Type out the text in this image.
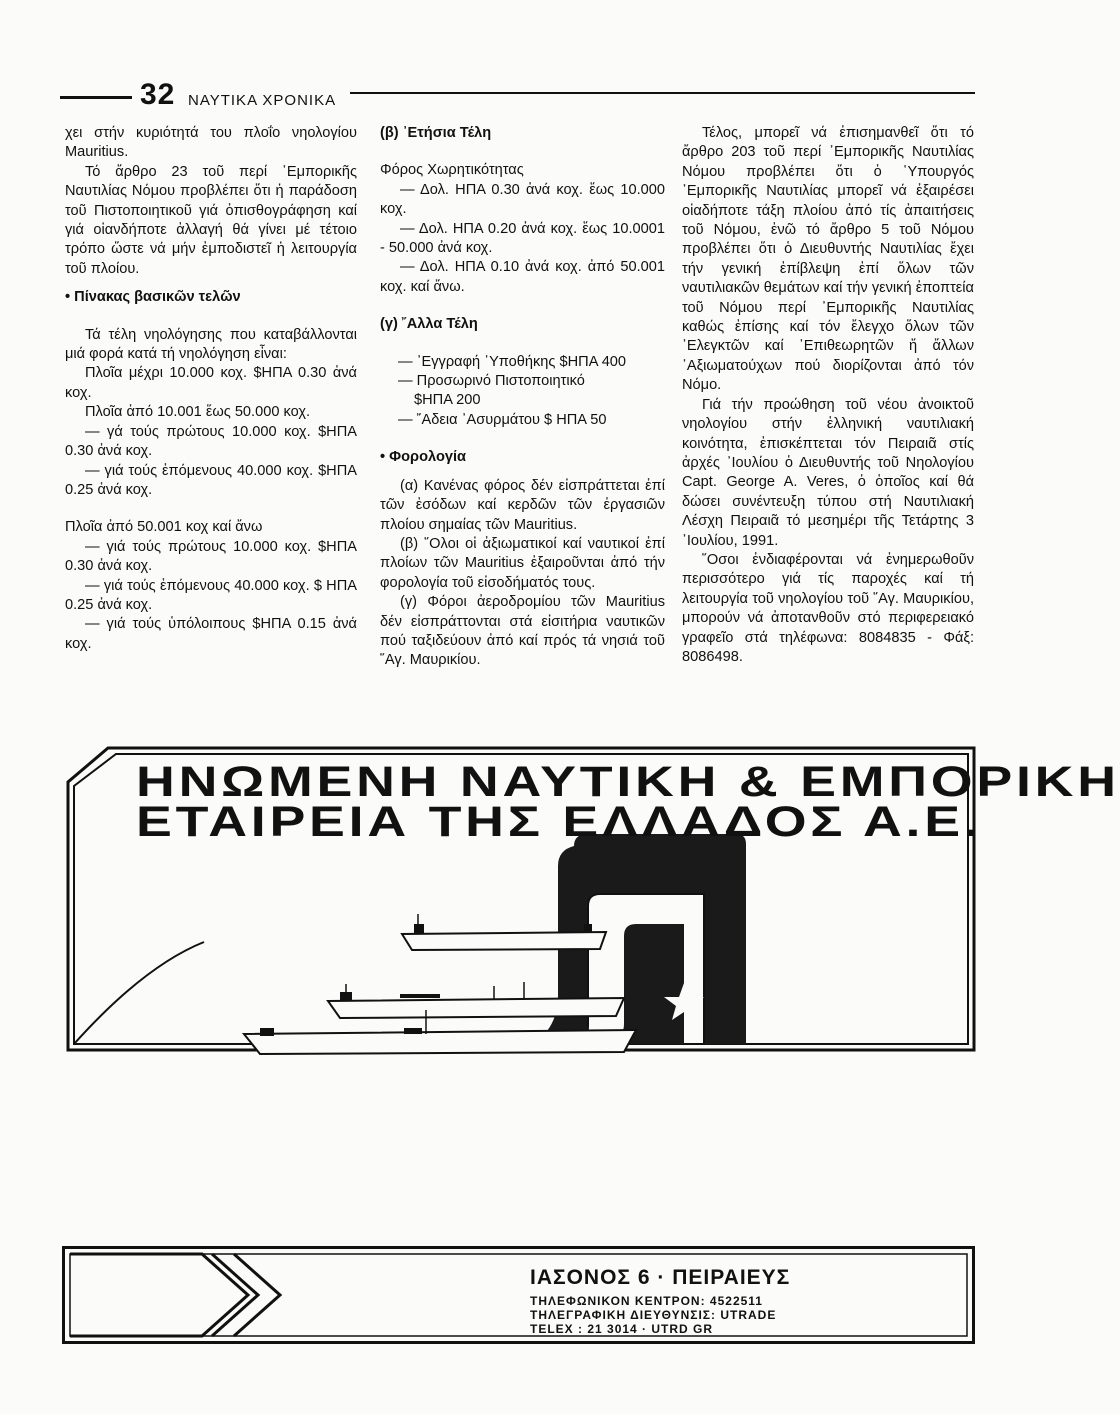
32 ΝΑΥΤΙΚΑ ΧΡΟΝΙΚΑ

χει στήν κυριότητά του πλοΐο νηολογίου Mauritius.

Τό ἄρθρο 23 τοῦ περί ῾Εμπορικῆς Ναυτιλίας Νόμου προβλέπει ὅτι ἡ παράδοση τοῦ Πιστοποιητικοῦ γιά ὀπισθογράφηση καί γιά οἱανδήποτε ἀλλαγή θά γίνει μέ τέτοιο τρόπο ὥστε νά μήν ἐμποδιστεῖ ἡ λειτουργία τοῦ πλοίου.

• Πίνακας βασικῶν τελῶν

Τά τέλη νηολόγησης που καταβάλλονται μιά φορά κατά τή νηολόγηση εἶναι:

Πλοῖα μέχρι 10.000 κοχ. $ΗΠΑ 0.30 ἀνά κοχ.

Πλοῖα ἀπό 10.001 ἕως 50.000 κοχ.

— γά τούς πρώτους 10.000 κοχ. $ΗΠΑ 0.30 ἀνά κοχ.

— γιά τούς ἑπόμενους 40.000 κοχ. $ΗΠΑ 0.25 ἀνά κοχ.

Πλοῖα ἀπό 50.001 κοχ καί ἄνω

— γιά τούς πρώτους 10.000 κοχ. $ΗΠΑ 0.30 ἀνά κοχ.

— γιά τούς ἑπόμενους 40.000 κοχ. $ ΗΠΑ 0.25 ἀνά κοχ.

— γιά τούς ὑπόλοιπους $ΗΠΑ 0.15 ἀνά κοχ.

(β) ᾽Ετήσια Τέλη

Φόρος Χωρητικότητας

— Δολ. ΗΠΑ 0.30 ἀνά κοχ. ἕως 10.000 κοχ.

— Δολ. ΗΠΑ 0.20 ἀνά κοχ. ἕως 10.0001 - 50.000 ἀνά κοχ.

— Δολ. ΗΠΑ 0.10 ἀνά κοχ. ἀπό 50.001 κοχ. καί ἄνω.

(γ) ῎Αλλα Τέλη

— ᾽Εγγραφή ῾Υποθήκης $ΗΠΑ 400

— Προσωρινό Πιστοποιητικό

$ΗΠΑ 200

— ῎Αδεια ᾽Ασυρμάτου $ ΗΠΑ 50

• Φορολογία

(α) Κανένας φόρος δέν εἰσπράττεται ἐπί τῶν ἐσόδων καί κερδῶν τῶν ἐργασιῶν πλοίου σημαίας τῶν Mauritius.

(β) ῞Ολοι οἱ ἀξιωματικοί καί ναυτικοί ἐπί πλοίων τῶν Mauritius ἐξαιροῦνται ἀπό τήν φορολογία τοῦ εἰσοδήματός τους.

(γ) Φόροι ἀεροδρομίου τῶν Mauritius δέν εἰσπράττονται στά εἰσιτήρια ναυτικῶν πού ταξιδεύουν ἀπό καί πρός τά νησιά τοῦ ῞Αγ. Μαυρικίου.

Τέλος, μπορεῖ νά ἐπισημανθεῖ ὅτι τό ἄρθρο 203 τοῦ περί ᾽Εμπορικῆς Ναυτιλίας Νόμου προβλέπει ὅτι ὁ ῾Υπουργός ᾽Εμπορικῆς Ναυτιλίας μπορεῖ νά ἐξαιρέσει οἱαδήποτε τάξη πλοίου ἀπό τίς ἀπαιτήσεις τοῦ Νόμου, ἐνῶ τό ἄρθρο 5 τοῦ Νόμου προβλέπει ὅτι ὁ Διευθυντής Ναυτιλίας ἔχει τήν γενική ἐπίβλεψη ἐπί ὅλων τῶν ναυτιλιακῶν θεμάτων καί τήν γενική ἐποπτεία τοῦ Νόμου περί ᾽Εμπορικῆς Ναυτιλίας καθώς ἐπίσης καί τόν ἔλεγχο ὅλων τῶν ᾽Ελεγκτῶν καί ᾽Επιθεωρητῶν ἤ ἄλλων ᾽Αξιωματούχων πού διορίζονται ἀπό τόν Νόμο.

Γιά τήν προώθηση τοῦ νέου ἀνοικτοῦ νηολογίου στήν ἑλληνική ναυτιλιακή κοινότητα, ἐπισκέπτεται τόν Πειραιᾶ στίς ἀρχές ᾽Ιουλίου ὁ Διευθυντής τοῦ Νηολογίου Capt. George A. Veres, ὁ ὁποῖος καί θά δώσει συνέντευξη τύπου στή Ναυτιλιακή Λέσχη Πειραιᾶ τό μεσημέρι τῆς Τετάρτης 3 ᾽Ιουλίου, 1991.

῞Οσοι ἐνδιαφέρονται νά ἐνημερωθοῦν περισσότερο γιά τίς παροχές καί τή λειτουργία τοῦ νηολογίου τοῦ ῞Αγ. Μαυρικίου, μπορούν νά ἀποτανθοῦν στό περιφερειακό γραφεῖο στά τηλέφωνα: 8084835 - Φάξ: 8086498.

ΗΝΩΜΕΝΗ ΝΑΥΤΙΚΗ & ΕΜΠΟΡΙΚΗ
ΕΤΑΙΡΕΙΑ ΤΗΣ ΕΛΛΑΔΟΣ Α.Ε.
ΙΑΣΟΝΟΣ 6 · ΠΕΙΡΑΙΕΥΣ
ΤΗΛΕΦΩΝΙΚΟΝ ΚΕΝΤΡΟΝ: 4522511
ΤΗΛΕΓΡΑΦΙΚΗ ΔΙΕΥΘΥΝΣΙΣ: UTRADE
TELEX : 21 3014 · UTRD GR
